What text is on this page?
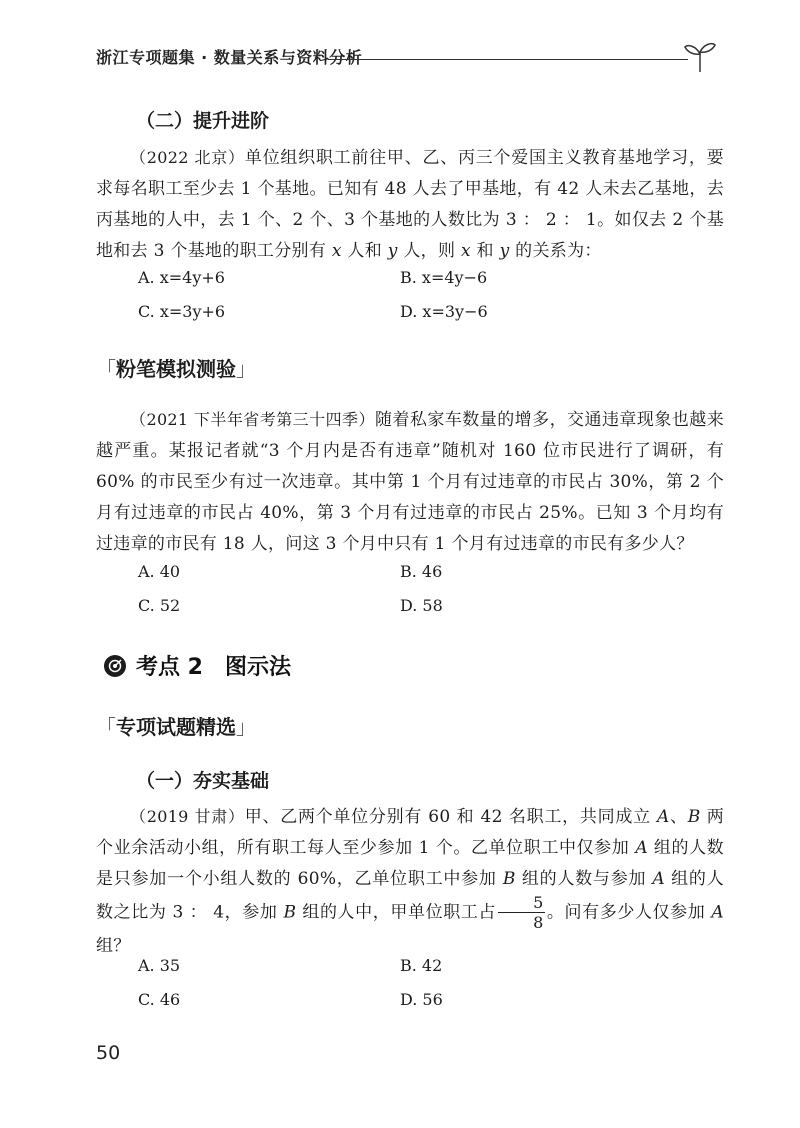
浙江专项题集 · 数量关系与资料分析
（二）提升进阶
（2022 北京）单位组织职工前往甲、乙、丙三个爱国主义教育基地学习，要求每名职工至少去 1 个基地。已知有 48 人去了甲基地，有 42 人未去乙基地，去丙基地的人中，去 1 个、2 个、3 个基地的人数比为 3 ： 2 ： 1。如仅去 2 个基地和去 3 个基地的职工分别有 x 人和 y 人，则 x 和 y 的关系为：
A. x=4y+6	B. x=4y−6
C. x=3y+6	D. x=3y−6
「粉笔模拟测验」
（2021 下半年省考第三十四季）随着私家车数量的增多，交通违章现象也越来越严重。某报记者就“3 个月内是否有违章”随机对 160 位市民进行了调研，有 60% 的市民至少有过一次违章。其中第 1 个月有过违章的市民占 30%，第 2 个月有过违章的市民占 40%，第 3 个月有过违章的市民占 25%。已知 3 个月均有过违章的市民有 18 人，问这 3 个月中只有 1 个月有过违章的市民有多少人？
A. 40	B. 46
C. 52	D. 58
考点 2 图示法
「专项试题精选」
（一）夯实基础
（2019 甘肃）甲、乙两个单位分别有 60 和 42 名职工，共同成立 A、B 两个业余活动小组，所有职工每人至少参加 1 个。乙单位职工中仅参加 A 组的人数是只参加一个小组人数的 60%，乙单位职工中参加 B 组的人数与参加 A 组的人数之比为 3 ： 4，参加 B 组的人中，甲单位职工占 $\frac{5}{8}$ 。问有多少人仅参加 A 组？
A. 35	B. 42
C. 46	D. 56
50
